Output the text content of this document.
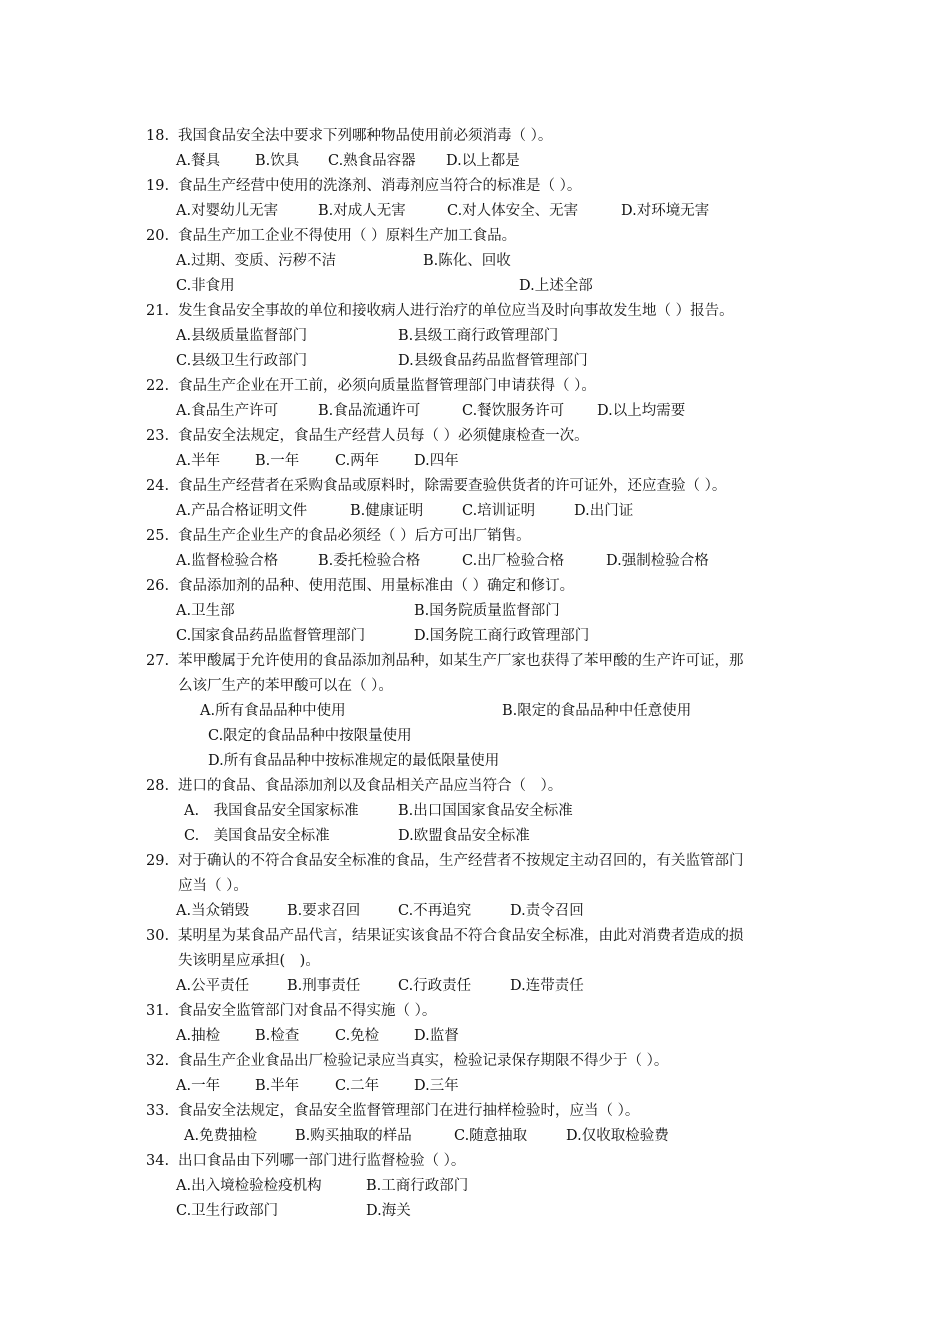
18. 我国食品安全法中要求下列哪种物品使用前必须消毒（ ）。
A.餐具 B.饮具 C.熟食品容器 D.以上都是
19. 食品生产经营中使用的洗涤剂、消毒剂应当符合的标准是（ ）。
A.对婴幼儿无害	B.对成人无害	C.对人体安全、无害	D.对环境无害
20. 食品生产加工企业不得使用（ ）原料生产加工食品。
A.过期、变质、污秽不洁	B.陈化、回收
C.非食用	D.上述全部
21. 发生食品安全事故的单位和接收病人进行治疗的单位应当及时向事故发生地（ ）报告。
A.县级质量监督部门	B.县级工商行政管理部门
C.县级卫生行政部门	D.县级食品药品监督管理部门
22. 食品生产企业在开工前，必须向质量监督管理部门申请获得（ ）。
A.食品生产许可	B.食品流通许可	C.餐饮服务许可 D.以上均需要
23. 食品安全法规定，食品生产经营人员每（ ）必须健康检查一次。
A.半年 B.一年 C.两年 D.四年
24. 食品生产经营者在采购食品或原料时，除需要查验供货者的许可证外，还应查验（ ）。
A.产品合格证明文件	B.健康证明	C.培训证明	D.出门证
25. 食品生产企业生产的食品必须经（ ）后方可出厂销售。
A.监督检验合格	B.委托检验合格	C.出厂检验合格	D.强制检验合格
26. 食品添加剂的品种、使用范围、用量标准由（ ）确定和修订。
A.卫生部	B.国务院质量监督部门
C.国家食品药品监督管理部门	D.国务院工商行政管理部门
27. 苯甲酸属于允许使用的食品添加剂品种，如某生产厂家也获得了苯甲酸的生产许可证，那
么该厂生产的苯甲酸可以在（ ）。
A.所有食品品种中使用	B.限定的食品品种中任意使用
C.限定的食品品种中按限量使用
D.所有食品品种中按标准规定的最低限量使用
28. 进口的食品、食品添加剂以及食品相关产品应当符合（　）。
A.　我国食品安全国家标准	B.出口国国家食品安全标准
C.　美国食品安全标准	D.欧盟食品安全标准
29. 对于确认的不符合食品安全标准的食品，生产经营者不按规定主动召回的，有关监管部门
应当（ ）。
A.当众销毁	B.要求召回	C.不再追究	D.责令召回
30. 某明星为某食品产品代言，结果证实该食品不符合食品安全标准，由此对消费者造成的损
失该明星应承担(　)。
A.公平责任	B.刑事责任	C.行政责任	D.连带责任
31. 食品安全监管部门对食品不得实施（ ）。
A.抽检 B.检查 C.免检 D.监督
32. 食品生产企业食品出厂检验记录应当真实，检验记录保存期限不得少于（ ）。
A.一年 B.半年 C.二年 D.三年
33. 食品安全法规定，食品安全监督管理部门在进行抽样检验时，应当（ ）。
A.免费抽检	B.购买抽取的样品	C.随意抽取	D.仅收取检验费
34. 出口食品由下列哪一部门进行监督检验（ ）。
A.出入境检验检疫机构	B.工商行政部门
C.卫生行政部门	D.海关
